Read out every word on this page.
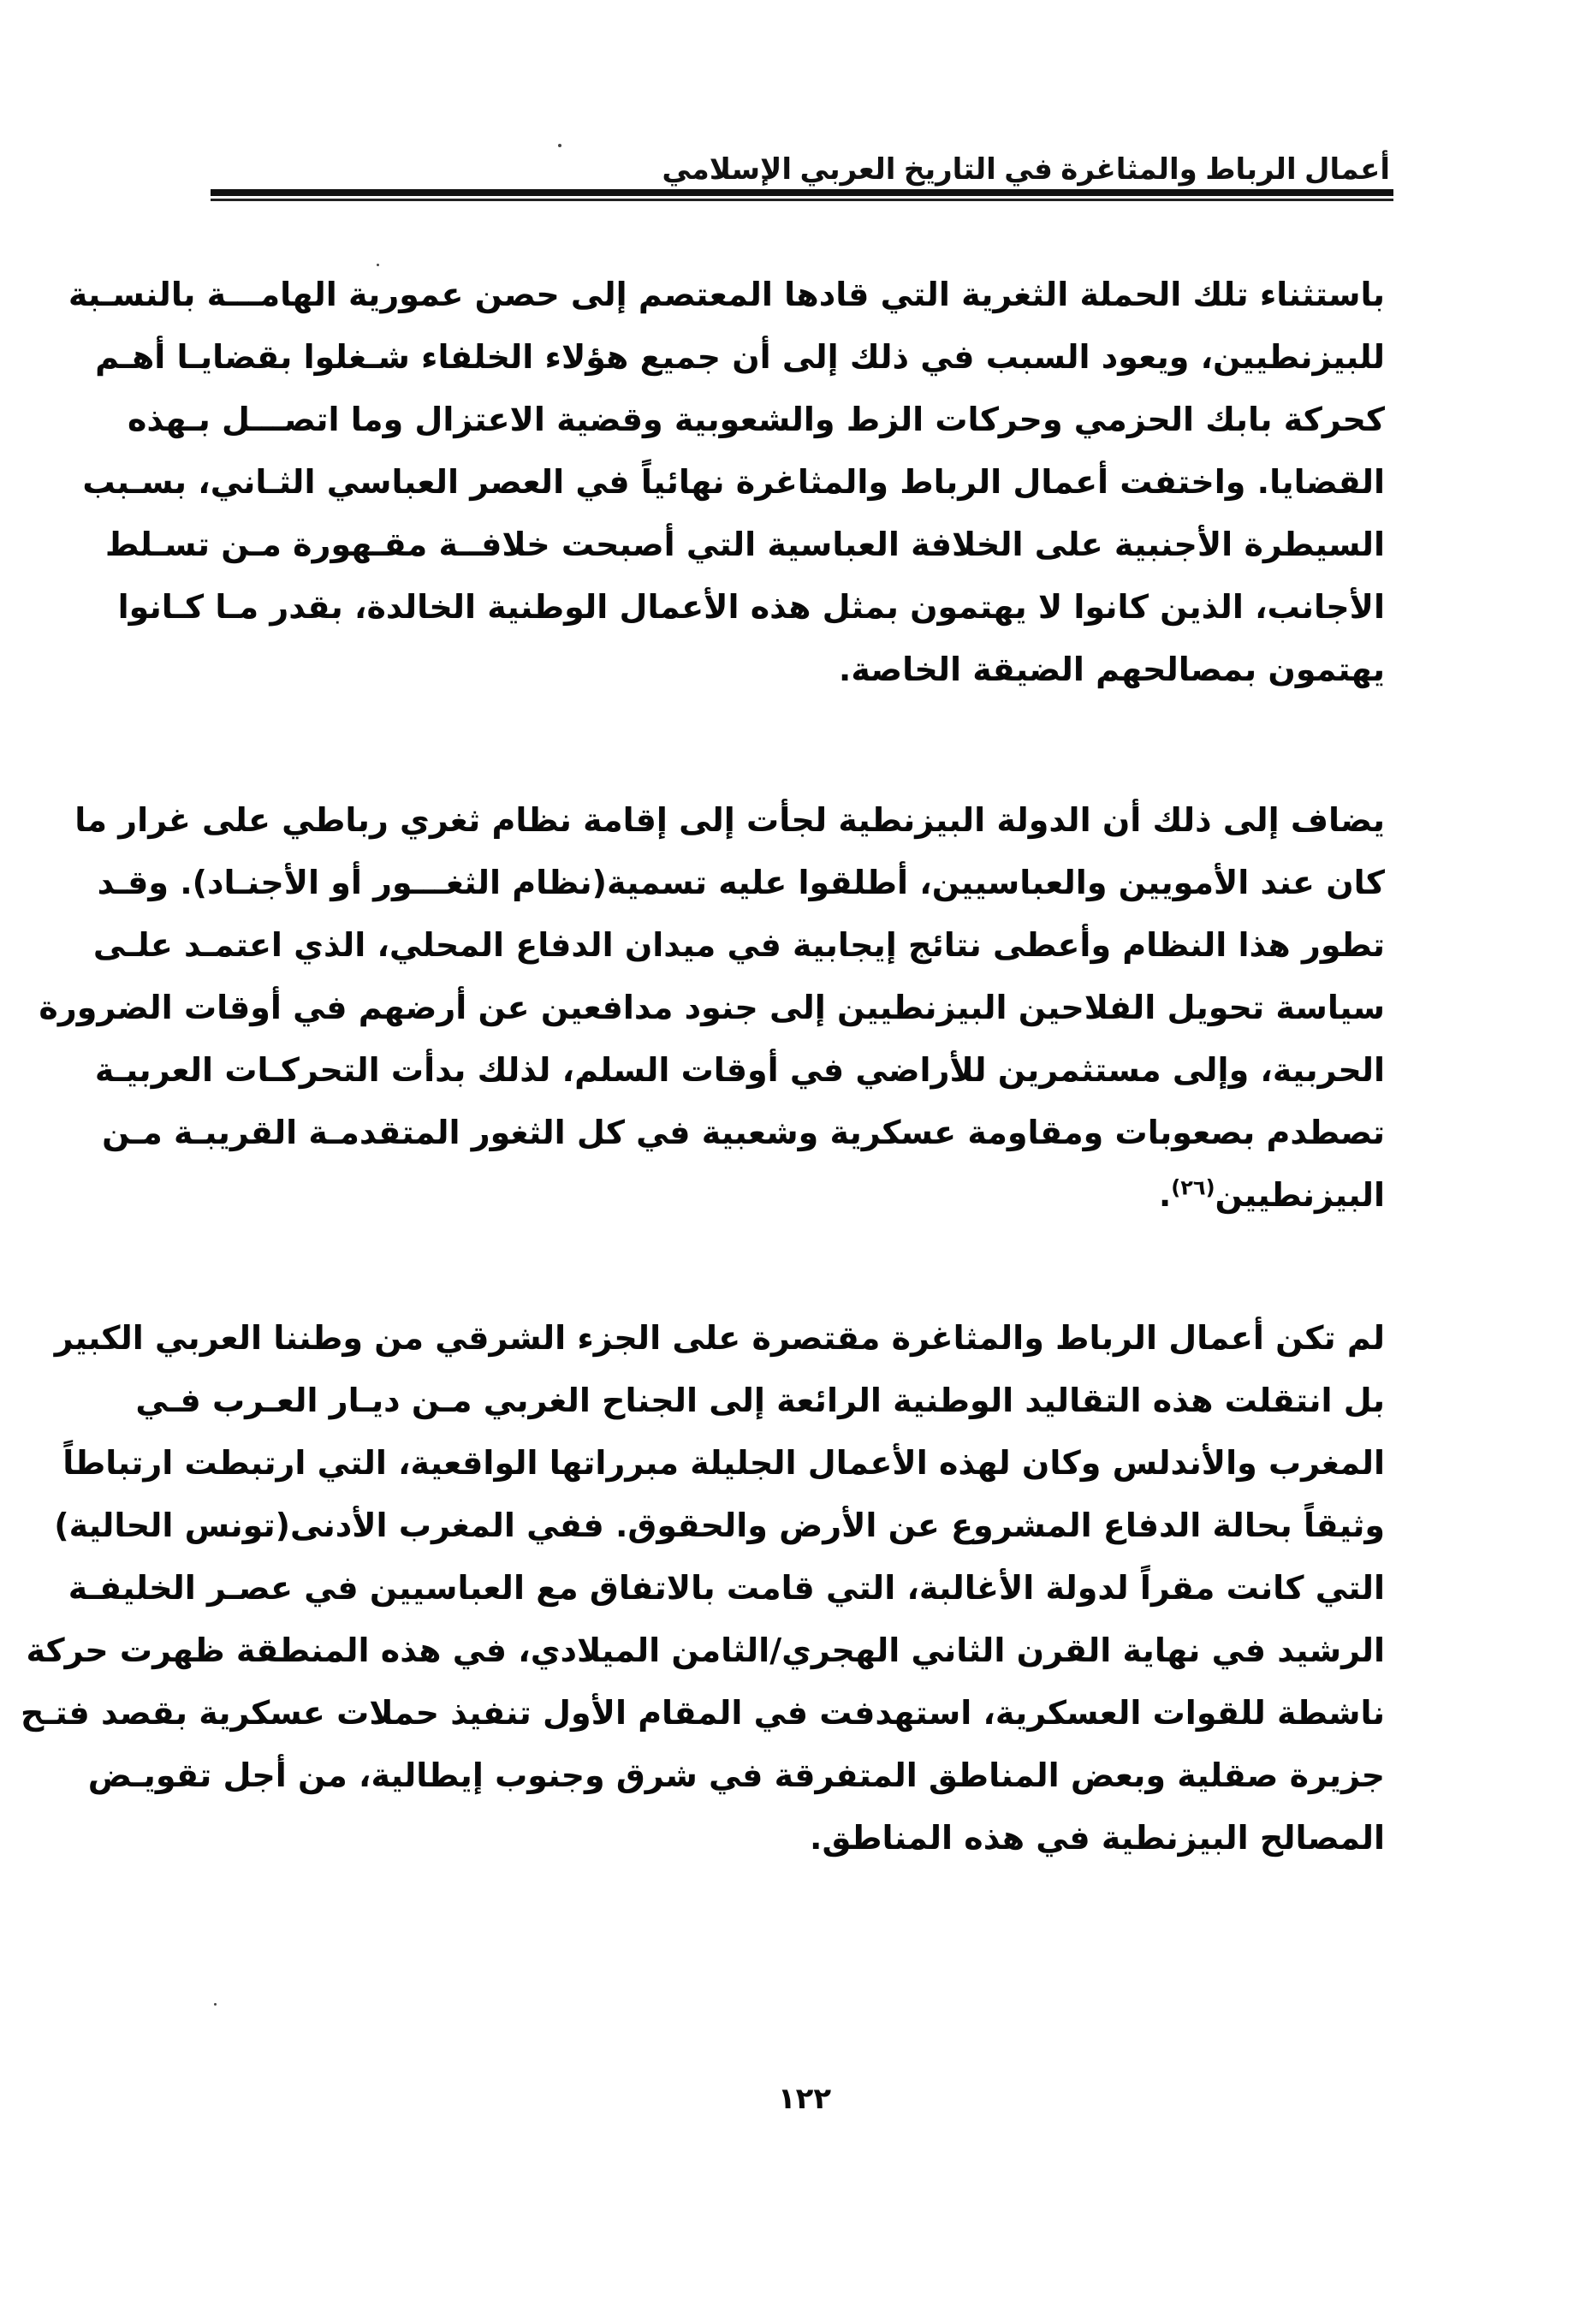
أعمال الرباط والمثاغرة في التاريخ العربي الإسلامي
باستثناء تلك الحملة الثغرية التي قادها المعتصم إلى حصن عمورية الهامـــة بالنسـبة
للبيزنطيين، ويعود السبب في ذلك إلى أن جميع هؤلاء الخلفاء شـغلوا بقضايـا أهـم
كحركة بابك الحزمي وحركات الزط والشعوبية وقضية الاعتزال وما اتصـــل بـهذه
القضايا. واختفت أعمال الرباط والمثاغرة نهائياً في العصر العباسي الثـاني، بسـبب
السيطرة الأجنبية على الخلافة العباسية التي أصبحت خلافــة مقـهورة مـن تسـلط
الأجانب، الذين كانوا لا يهتمون بمثل هذه الأعمال الوطنية الخالدة، بقدر مـا كـانوا
يهتمون بمصالحهم الضيقة الخاصة.
يضاف إلى ذلك أن الدولة البيزنطية لجأت إلى إقامة نظام ثغري رباطي على غرار ما
كان عند الأمويين والعباسيين، أطلقوا عليه تسمية(نظام الثغـــور أو الأجنـاد). وقـد
تطور هذا النظام وأعطى نتائج إيجابية في ميدان الدفاع المحلي، الذي اعتمـد علـى
سياسة تحويل الفلاحين البيزنطيين إلى جنود مدافعين عن أرضهم في أوقات الضرورة
الحربية، وإلى مستثمرين للأراضي في أوقات السلم، لذلك بدأت التحركـات العربيـة
تصطدم بصعوبات ومقاومة عسكرية وشعبية في كل الثغور المتقدمـة القريبـة مـن
البيزنطيين$^{(٢٦)}$.
لم تكن أعمال الرباط والمثاغرة مقتصرة على الجزء الشرقي من وطننا العربي الكبير
بل انتقلت هذه التقاليد الوطنية الرائعة إلى الجناح الغربي مـن ديـار العـرب فـي
المغرب والأندلس وكان لهذه الأعمال الجليلة مبرراتها الواقعية، التي ارتبطت ارتباطاً
وثيقاً بحالة الدفاع المشروع عن الأرض والحقوق. ففي المغرب الأدنى(تونس الحالية)
التي كانت مقراً لدولة الأغالبة، التي قامت بالاتفاق مع العباسيين في عصـر الخليفـة
الرشيد في نهاية القرن الثاني الهجري/الثامن الميلادي، في هذه المنطقة ظهرت حركة
ناشطة للقوات العسكرية، استهدفت في المقام الأول تنفيذ حملات عسكرية بقصد فتـح
جزيرة صقلية وبعض المناطق المتفرقة في شرق وجنوب إيطالية، من أجل تقويـض
المصالح البيزنطية في هذه المناطق.
١٢٢
